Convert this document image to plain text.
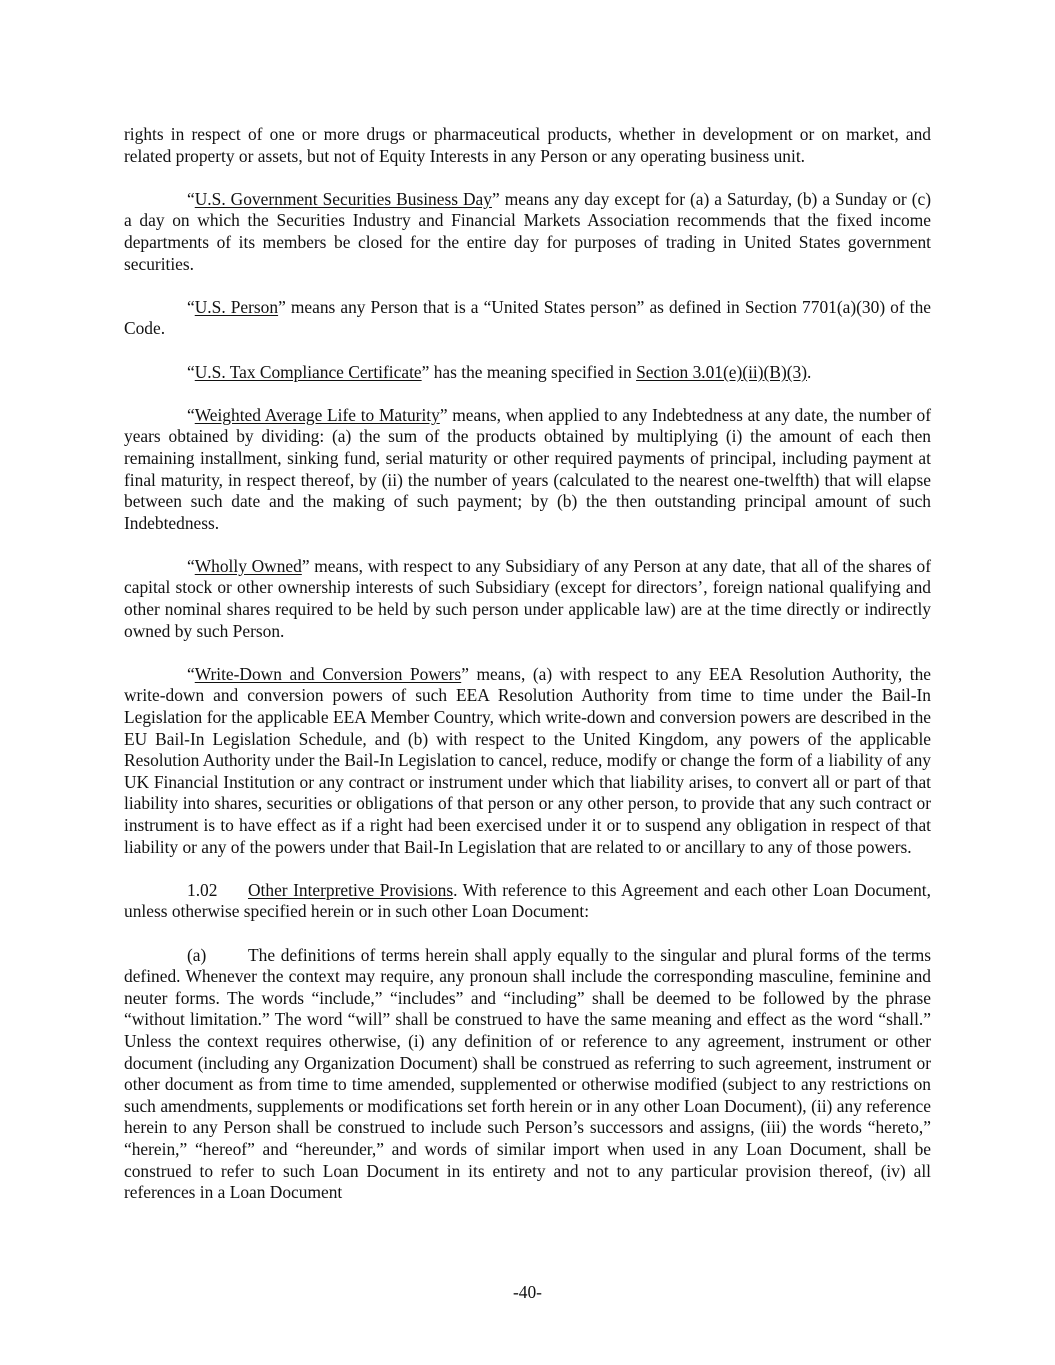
rights in respect of one or more drugs or pharmaceutical products, whether in development or on market, and related property or assets, but not of Equity Interests in any Person or any operating business unit.

“U.S. Government Securities Business Day” means any day except for (a) a Saturday, (b) a Sunday or (c) a day on which the Securities Industry and Financial Markets Association recommends that the fixed income departments of its members be closed for the entire day for purposes of trading in United States government securities.

“U.S. Person” means any Person that is a “United States person” as defined in Section 7701(a)(30) of the Code.

“U.S. Tax Compliance Certificate” has the meaning specified in Section 3.01(e)(ii)(B)(3).

“Weighted Average Life to Maturity” means, when applied to any Indebtedness at any date, the number of years obtained by dividing: (a) the sum of the products obtained by multiplying (i) the amount of each then remaining installment, sinking fund, serial maturity or other required payments of principal, including payment at final maturity, in respect thereof, by (ii) the number of years (calculated to the nearest one-twelfth) that will elapse between such date and the making of such payment; by (b) the then outstanding principal amount of such Indebtedness.

“Wholly Owned” means, with respect to any Subsidiary of any Person at any date, that all of the shares of capital stock or other ownership interests of such Subsidiary (except for directors’, foreign national qualifying and other nominal shares required to be held by such person under applicable law) are at the time directly or indirectly owned by such Person.

“Write-Down and Conversion Powers” means, (a) with respect to any EEA Resolution Authority, the write-down and conversion powers of such EEA Resolution Authority from time to time under the Bail-In Legislation for the applicable EEA Member Country, which write-down and conversion powers are described in the EU Bail-In Legislation Schedule, and (b) with respect to the United Kingdom, any powers of the applicable Resolution Authority under the Bail-In Legislation to cancel, reduce, modify or change the form of a liability of any UK Financial Institution or any contract or instrument under which that liability arises, to convert all or part of that liability into shares, securities or obligations of that person or any other person, to provide that any such contract or instrument is to have effect as if a right had been exercised under it or to suspend any obligation in respect of that liability or any of the powers under that Bail-In Legislation that are related to or ancillary to any of those powers.

1.02 Other Interpretive Provisions. With reference to this Agreement and each other Loan Document, unless otherwise specified herein or in such other Loan Document:

(a) The definitions of terms herein shall apply equally to the singular and plural forms of the terms defined. Whenever the context may require, any pronoun shall include the corresponding masculine, feminine and neuter forms. The words “include,” “includes” and “including” shall be deemed to be followed by the phrase “without limitation.” The word “will” shall be construed to have the same meaning and effect as the word “shall.” Unless the context requires otherwise, (i) any definition of or reference to any agreement, instrument or other document (including any Organization Document) shall be construed as referring to such agreement, instrument or other document as from time to time amended, supplemented or otherwise modified (subject to any restrictions on such amendments, supplements or modifications set forth herein or in any other Loan Document), (ii) any reference herein to any Person shall be construed to include such Person’s successors and assigns, (iii) the words “hereto,” “herein,” “hereof” and “hereunder,” and words of similar import when used in any Loan Document, shall be construed to refer to such Loan Document in its entirety and not to any particular provision thereof, (iv) all references in a Loan Document

-40-
